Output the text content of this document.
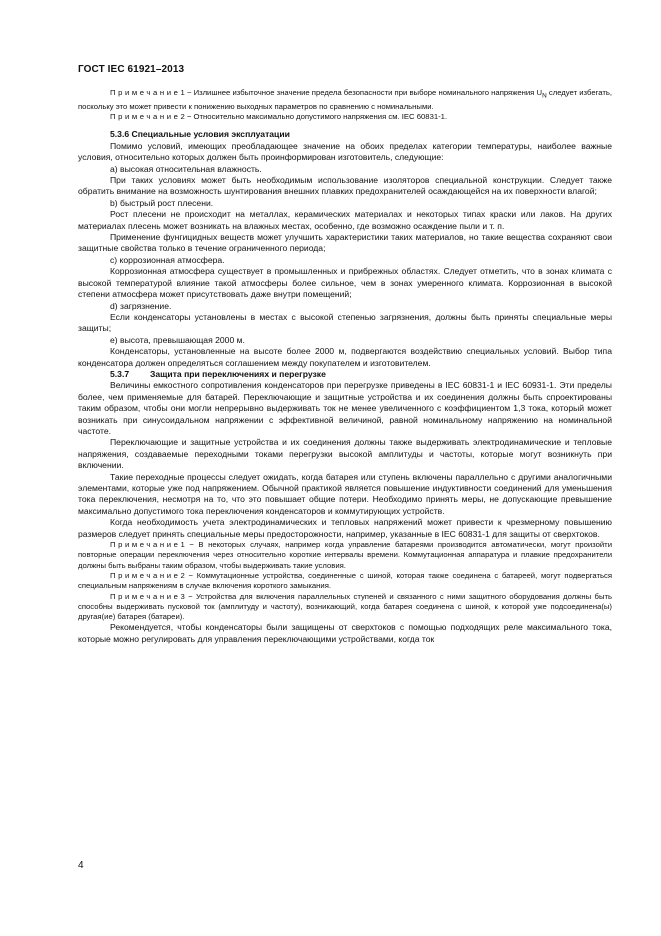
ГОСТ IEC 61921–2013

Примечание1 − Излишнее избыточное значение предела безопасности при выборе номинального напряжения $U_N$ следует избегать, поскольку это может привести к понижению выходных параметров по сравнению с номинальными.

Примечание2 − Относительно максимально допустимого напряжения см. IEC 60831-1.

5.3.6 Специальные условия эксплуатации

Помимо условий, имеющих преобладающее значение на обоих пределах категории температуры, наиболее важные условия, относительно которых должен быть проинформирован изготовитель, следующие:

a) высокая относительная влажность.

При таких условиях может быть необходимым использование изоляторов специальной конструкции. Следует также обратить внимание на возможность шунтирования внешних плавких предохранителей осаждающейся на их поверхности влагой;

b) быстрый рост плесени.

Рост плесени не происходит на металлах, керамических материалах и некоторых типах краски или лаков. На других материалах плесень может возникать на влажных местах, особенно, где возможно осаждение пыли и т. п.

Применение фунгицидных веществ может улучшить характеристики таких материалов, но такие вещества сохраняют свои защитные свойства только в течение ограниченного периода;

c) коррозионная атмосфера.

Коррозионная атмосфера существует в промышленных и прибрежных областях. Следует отметить, что в зонах климата с высокой температурой влияние такой атмосферы более сильное, чем в зонах умеренного климата. Коррозионная в высокой степени атмосфера может присутствовать даже внутри помещений;

d) загрязнение.

Если конденсаторы установлены в местах с высокой степенью загрязнения, должны быть приняты специальные меры защиты;

e) высота, превышающая 2000 м.

Конденсаторы, установленные на высоте более 2000 м, подвергаются воздействию специальных условий. Выбор типа конденсатора должен определяться соглашением между покупателем и изготовителем.

5.3.7 Защита при переключениях и перегрузке

Величины емкостного сопротивления конденсаторов при перегрузке приведены в IEC 60831-1 и IEC 60931-1. Эти пределы более, чем применяемые для батарей. Переключающие и защитные устройства и их соединения должны быть спроектированы таким образом, чтобы они могли непрерывно выдерживать ток не менее увеличенного с коэффициентом 1,3 тока, который может возникать при синусоидальном напряжении с эффективной величиной, равной номинальному напряжению на номинальной частоте.

Переключающие и защитные устройства и их соединения должны также выдерживать электродинамические и тепловые напряжения, создаваемые переходными токами перегрузки высокой амплитуды и частоты, которые могут возникнуть при включении.

Такие переходные процессы следует ожидать, когда батарея или ступень включены параллельно с другими аналогичными элементами, которые уже под напряжением. Обычной практикой является повышение индуктивности соединений для уменьшения тока переключения, несмотря на то, что это повышает общие потери. Необходимо принять меры, не допускающие превышение максимально допустимого тока переключения конденсаторов и коммутирующих устройств.

Когда необходимость учета электродинамических и тепловых напряжений может привести к чрезмерному повышению размеров следует принять специальные меры предосторожности, например, указанные в IEC 60831-1 для защиты от сверхтоков.

Примечание1 − В некоторых случаях, например когда управление батареями производится автоматически, могут произойти повторные операции переключения через относительно короткие интервалы времени. Коммутационная аппаратура и плавкие предохранители должны быть выбраны таким образом, чтобы выдерживать такие условия.

Примечание2 − Коммутационные устройства, соединенные с шиной, которая также соединена с батареей, могут подвергаться специальным напряжениям в случае включения короткого замыкания.

Примечание3 − Устройства для включения параллельных ступеней и связанного с ними защитного оборудования должны быть способны выдерживать пусковой ток (амплитуду и частоту), возникающий, когда батарея соединена с шиной, к которой уже подсоединена(ы) другая(ие) батарея (батареи).

Рекомендуется, чтобы конденсаторы были защищены от сверхтоков с помощью подходящих реле максимального тока, которые можно регулировать для управления переключающими устройствами, когда ток

4
